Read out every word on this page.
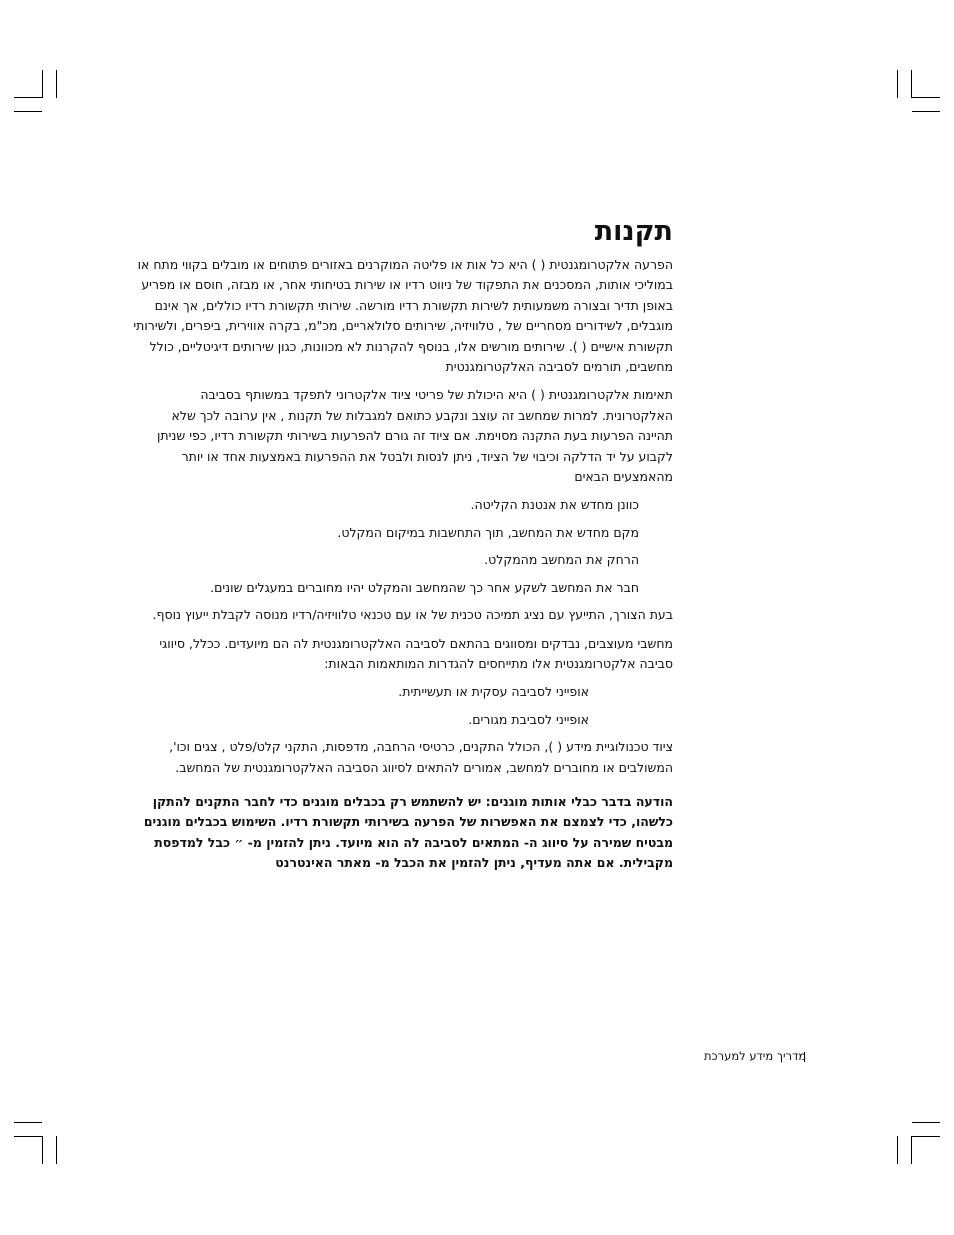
תקנות

הפרעה אלקטרומגנטית ( ) היא כל אות או פליטה המוקרנים באזורים פתוחים או מובלים בקווי מתח או במוליכי אותות, המסכנים את התפקוד של ניווט רדיו או שירות בטיחותי אחר, או מבזה, חוסם או מפריע באופן תדיר ובצורה משמעותית לשירות תקשורת רדיו מורשה. שירותי תקשורת רדיו כוללים, אך אינם מוגבלים, לשידורים מסחריים של , טלוויזיה, שירותים סלולאריים, מכ"מ, בקרה אווירית, ביפרים, ולשירותי תקשורת אישיים ( ). שירותים מורשים אלו, בנוסף להקרנות לא מכוונות, כגון שירותים דיגיטליים, כולל מחשבים, תורמים לסביבה האלקטרומגנטית

תאימות אלקטרומגנטית ( ) היא היכולת של פריטי ציוד אלקטרוני לתפקד במשותף בסביבה האלקטרונית. למרות שמחשב זה עוצב ונקבע כתואם למגבלות של תקנות , אין ערובה לכך שלא תהיינה הפרעות בעת התקנה מסוימת. אם ציוד זה גורם להפרעות בשירותי תקשורת רדיו, כפי שניתן לקבוע על יד הדלקה וכיבוי של הציוד, ניתן לנסות ולבטל את ההפרעות באמצעות אחד או יותר מהאמצעים הבאים

כוונן מחדש את אנטנת הקליטה.

מקם מחדש את המחשב, תוך התחשבות במיקום המקלט.

הרחק את המחשב מהמקלט.

חבר את המחשב לשקע אחר כך שהמחשב והמקלט יהיו מחוברים במעגלים שונים.

בעת הצורך, התייעץ עם נציג תמיכה טכנית של או עם טכנאי טלוויזיה/רדיו מנוסה לקבלת ייעוץ נוסף.

מחשבי מעוצבים, נבדקים ומסווגים בהתאם לסביבה האלקטרומגנטית לה הם מיועדים. ככלל, סיווגי סביבה אלקטרומגנטית אלו מתייחסים להגדרות המותאמות הבאות:

אופייני לסביבה עסקית או תעשייתית.

אופייני לסביבת מגורים.

ציוד טכנולוגיית מידע ( ), הכולל התקנים, כרטיסי הרחבה, מדפסות, התקני קלט/פלט , צגים וכו', המשולבים או מחוברים למחשב, אמורים להתאים לסיווג הסביבה האלקטרומגנטית של המחשב.

הודעה בדבר כבלי אותות מוגנים: יש להשתמש רק בכבלים מוגנים כדי לחבר התקנים להתקן כלשהו, כדי לצמצם את האפשרות של הפרעה בשירותי תקשורת רדיו. השימוש בכבלים מוגנים מבטיח שמירה על סיווג ה- המתאים לסביבה לה הוא מיועד. ניתן להזמין מ- ״ כבל למדפסת מקבילית. אם אתה מעדיף, ניתן להזמין את הכבל מ- מאתר האינטרנט

מדריך מידע למערכת
